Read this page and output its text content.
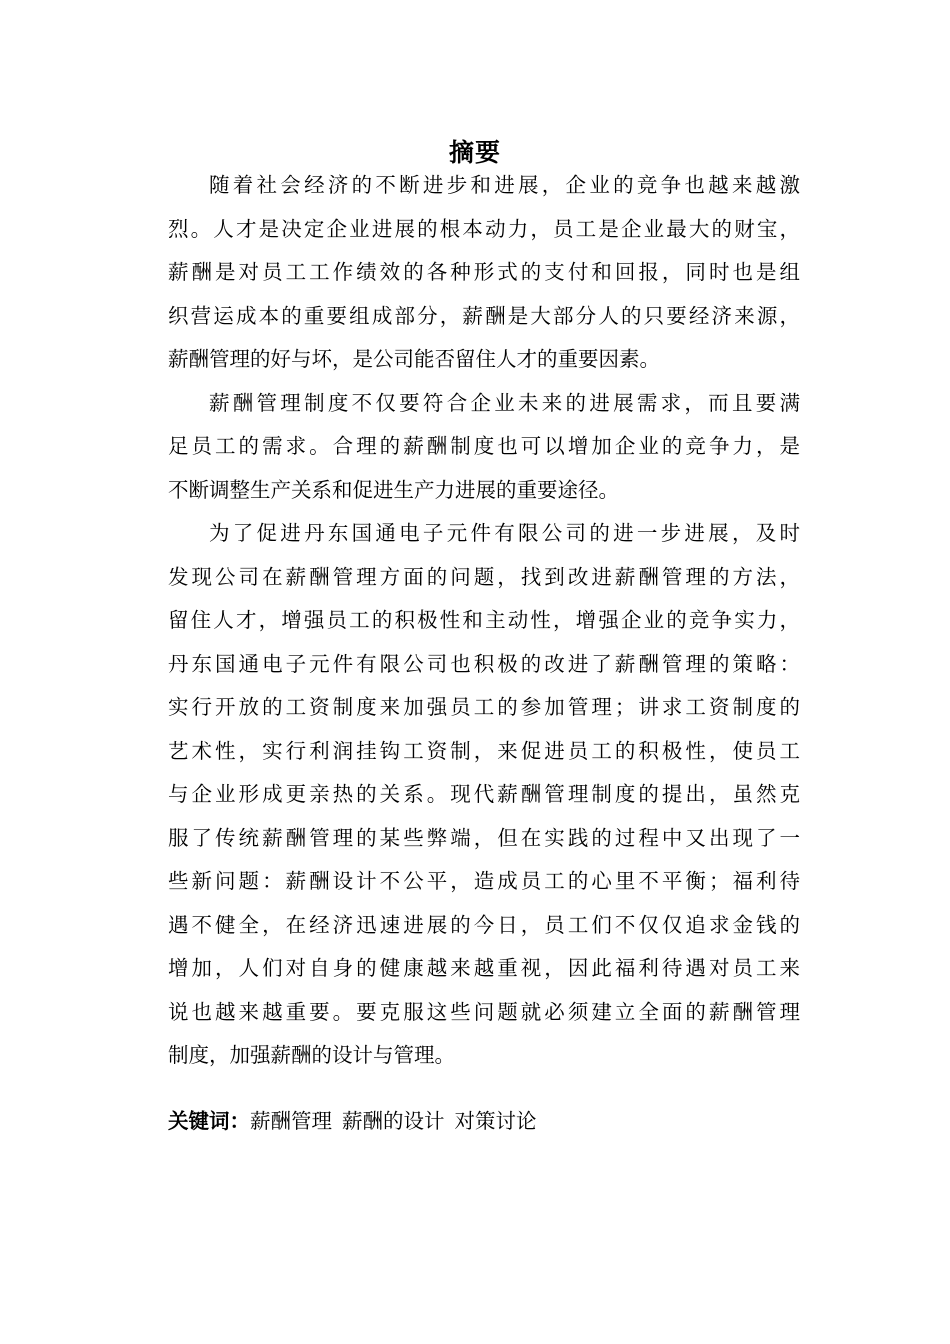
摘要
随着社会经济的不断进步和进展，企业的竞争也越来越激
烈。人才是决定企业进展的根本动力，员工是企业最大的财宝，
薪酬是对员工工作绩效的各种形式的支付和回报，同时也是组
织营运成本的重要组成部分，薪酬是大部分人的只要经济来源，
薪酬管理的好与坏，是公司能否留住人才的重要因素。
薪酬管理制度不仅要符合企业未来的进展需求，而且要满
足员工的需求。合理的薪酬制度也可以增加企业的竞争力，是
不断调整生产关系和促进生产力进展的重要途径。
为了促进丹东国通电子元件有限公司的进一步进展，及时
发现公司在薪酬管理方面的问题，找到改进薪酬管理的方法，
留住人才，增强员工的积极性和主动性，增强企业的竞争实力，
丹东国通电子元件有限公司也积极的改进了薪酬管理的策略：
实行开放的工资制度来加强员工的参加管理；讲求工资制度的
艺术性，实行利润挂钩工资制，来促进员工的积极性，使员工
与企业形成更亲热的关系。现代薪酬管理制度的提出，虽然克
服了传统薪酬管理的某些弊端，但在实践的过程中又出现了一
些新问题：薪酬设计不公平，造成员工的心里不平衡；福利待
遇不健全，在经济迅速进展的今日，员工们不仅仅追求金钱的
增加，人们对自身的健康越来越重视，因此福利待遇对员工来
说也越来越重要。要克服这些问题就必须建立全面的薪酬管理
制度，加强薪酬的设计与管理。
关键词：薪酬管理 薪酬的设计 对策讨论
